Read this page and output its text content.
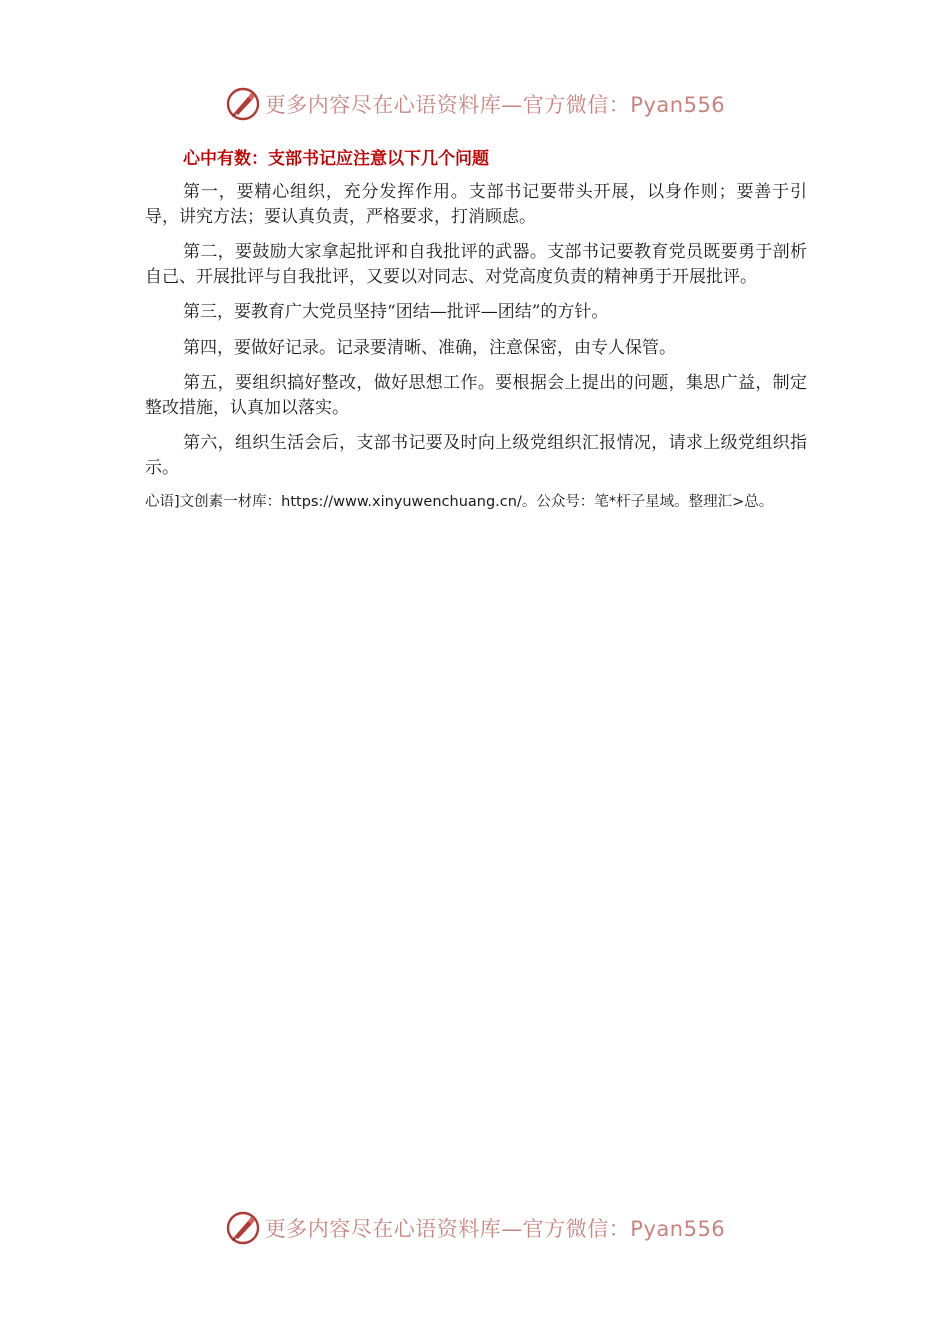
更多内容尽在心语资料库—官方微信：Pyan556
心中有数：支部书记应注意以下几个问题

第一，要精心组织，充分发挥作用。支部书记要带头开展，以身作则；要善于引导，讲究方法；要认真负责，严格要求，打消顾虑。

第二，要鼓励大家拿起批评和自我批评的武器。支部书记要教育党员既要勇于剖析自己、开展批评与自我批评，又要以对同志、对党高度负责的精神勇于开展批评。

第三，要教育广大党员坚持“团结—批评—团结”的方针。

第四，要做好记录。记录要清晰、准确，注意保密，由专人保管。

第五，要组织搞好整改，做好思想工作。要根据会上提出的问题，集思广益，制定整改措施，认真加以落实。

第六，组织生活会后，支部书记要及时向上级党组织汇报情况，请求上级党组织指示。

心语]文创素一材库：https://www.xinyuwenchuang.cn/。公众号：笔*杆子星域。整理汇>总。
更多内容尽在心语资料库—官方微信：Pyan556
